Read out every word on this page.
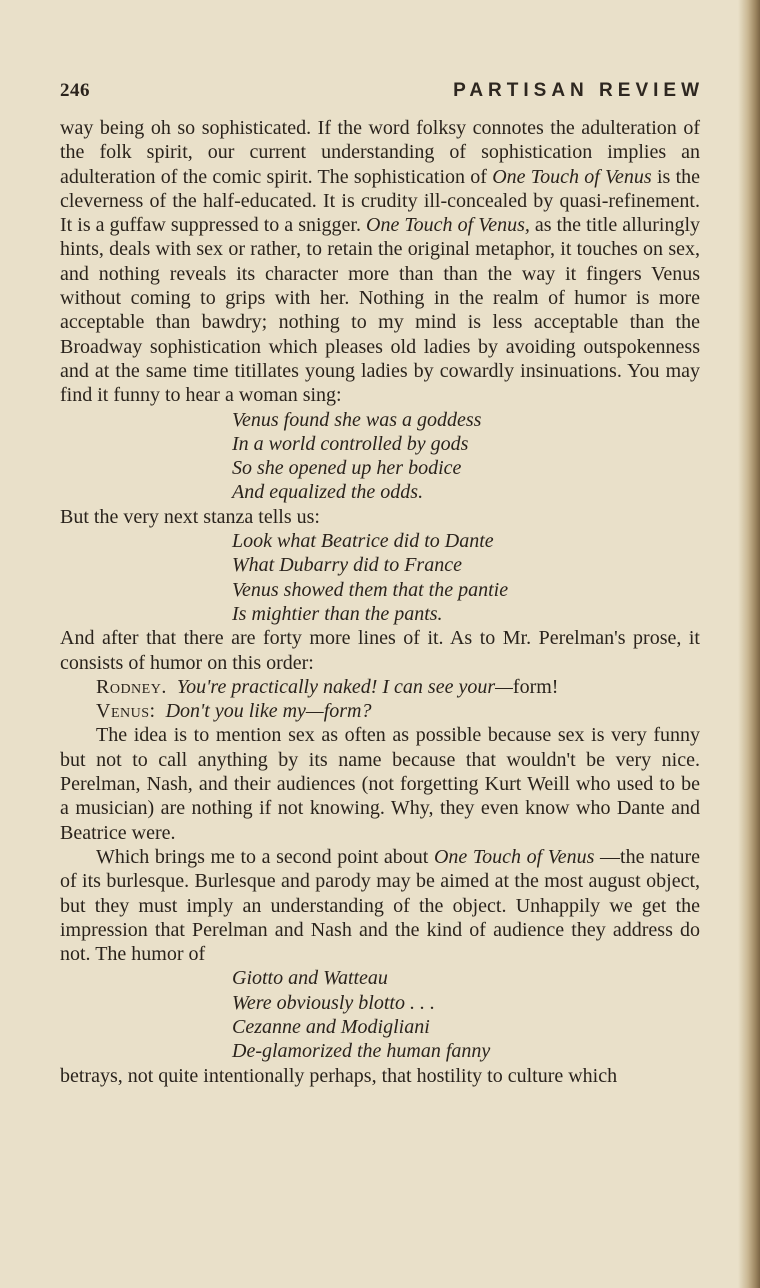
246	PARTISAN REVIEW

way being oh so sophisticated. If the word folksy connotes the adulteration of the folk spirit, our current understanding of sophistication implies an adulteration of the comic spirit. The sophistication of One Touch of Venus is the cleverness of the half-educated. It is crudity ill-concealed by quasi-refinement. It is a guffaw suppressed to a snigger. One Touch of Venus, as the title alluringly hints, deals with sex or rather, to retain the original metaphor, it touches on sex, and nothing reveals its character more than than the way it fingers Venus without coming to grips with her. Nothing in the realm of humor is more acceptable than bawdry; nothing to my mind is less acceptable than the Broadway sophistication which pleases old ladies by avoiding outspokenness and at the same time titillates young ladies by cowardly insinuations. You may find it funny to hear a woman sing:

Venus found she was a goddess
In a world controlled by gods
So she opened up her bodice
And equalized the odds.

But the very next stanza tells us:

Look what Beatrice did to Dante
What Dubarry did to France
Venus showed them that the pantie
Is mightier than the pants.

And after that there are forty more lines of it. As to Mr. Perelman's prose, it consists of humor on this order:

Rodney. You're practically naked! I can see your—form!
Venus: Don't you like my—form?

The idea is to mention sex as often as possible because sex is very funny but not to call anything by its name because that wouldn't be very nice. Perelman, Nash, and their audiences (not forgetting Kurt Weill who used to be a musician) are nothing if not knowing. Why, they even know who Dante and Beatrice were.

Which brings me to a second point about One Touch of Venus —the nature of its burlesque. Burlesque and parody may be aimed at the most august object, but they must imply an understanding of the object. Unhappily we get the impression that Perelman and Nash and the kind of audience they address do not. The humor of

Giotto and Watteau
Were obviously blotto . . .
Cezanne and Modigliani
De-glamorized the human fanny

betrays, not quite intentionally perhaps, that hostility to culture which
